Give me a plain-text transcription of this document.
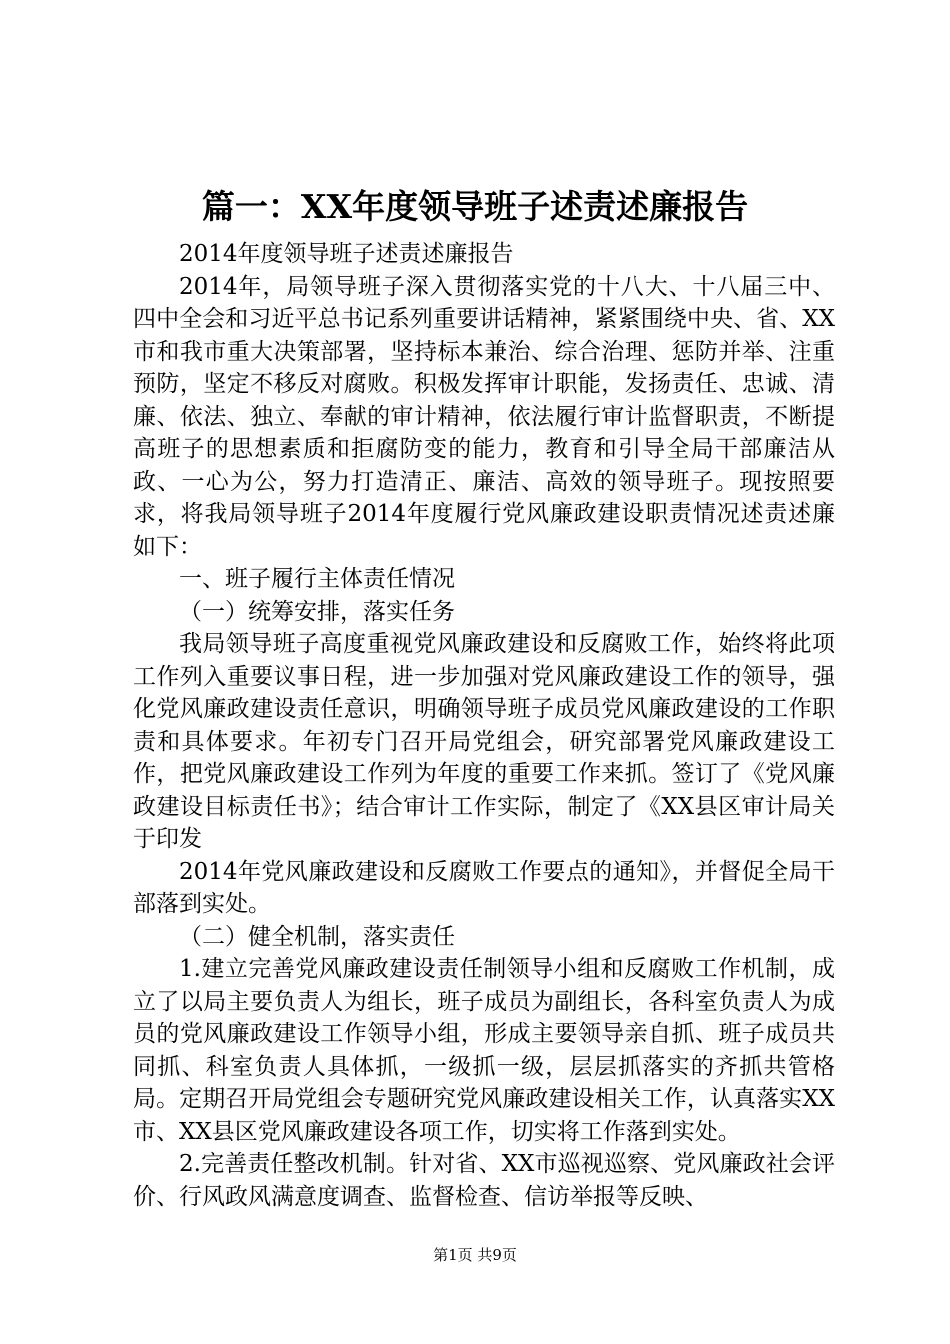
篇一：XX年度领导班子述责述廉报告

2014年度领导班子述责述廉报告

2014年，局领导班子深入贯彻落实党的十八大、十八届三中、四中全会和习近平总书记系列重要讲话精神，紧紧围绕中央、省、XX市和我市重大决策部署，坚持标本兼治、综合治理、惩防并举、注重预防，坚定不移反对腐败。积极发挥审计职能，发扬责任、忠诚、清廉、依法、独立、奉献的审计精神，依法履行审计监督职责，不断提高班子的思想素质和拒腐防变的能力，教育和引导全局干部廉洁从政、一心为公，努力打造清正、廉洁、高效的领导班子。现按照要求，将我局领导班子2014年度履行党风廉政建设职责情况述责述廉如下：

一、班子履行主体责任情况

（一）统筹安排，落实任务

我局领导班子高度重视党风廉政建设和反腐败工作，始终将此项工作列入重要议事日程，进一步加强对党风廉政建设工作的领导，强化党风廉政建设责任意识，明确领导班子成员党风廉政建设的工作职责和具体要求。年初专门召开局党组会，研究部署党风廉政建设工作，把党风廉政建设工作列为年度的重要工作来抓。签订了《党风廉政建设目标责任书》；结合审计工作实际，制定了《XX县区审计局关于印发

2014年党风廉政建设和反腐败工作要点的通知》，并督促全局干部落到实处。

（二）健全机制，落实责任

1.建立完善党风廉政建设责任制领导小组和反腐败工作机制，成立了以局主要负责人为组长，班子成员为副组长，各科室负责人为成员的党风廉政建设工作领导小组，形成主要领导亲自抓、班子成员共同抓、科室负责人具体抓，一级抓一级，层层抓落实的齐抓共管格局。定期召开局党组会专题研究党风廉政建设相关工作，认真落实XX市、XX县区党风廉政建设各项工作，切实将工作落到实处。

2.完善责任整改机制。针对省、XX市巡视巡察、党风廉政社会评价、行风政风满意度调查、监督检查、信访举报等反映、

第1页 共9页
